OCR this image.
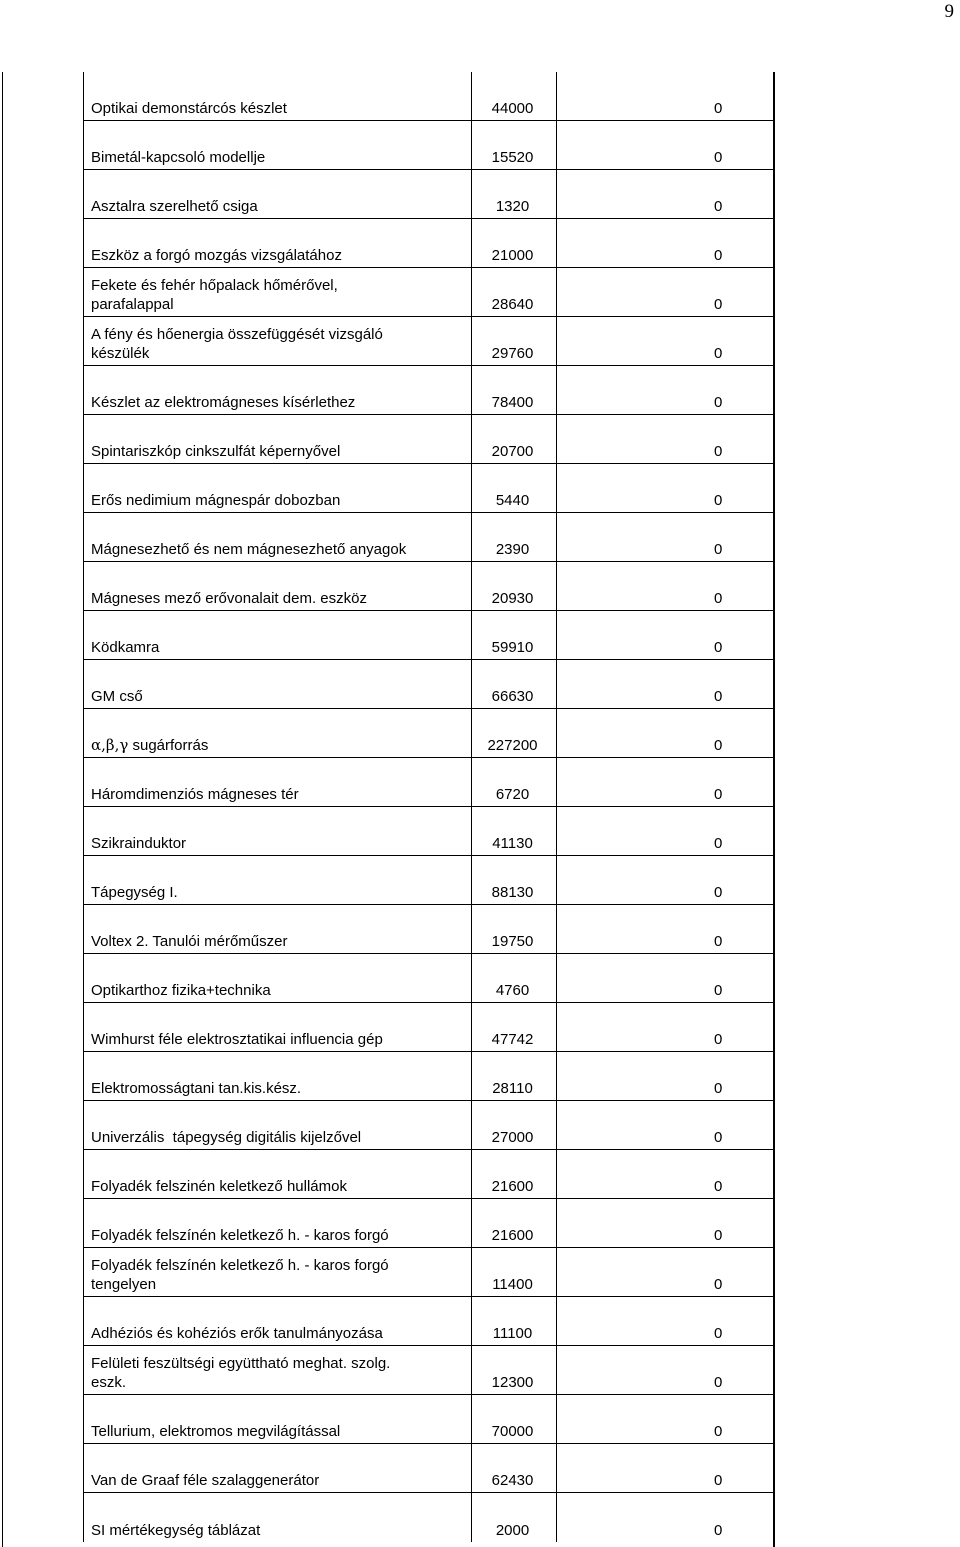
9
Optikai demonstárcós készlet	44000	0
Bimetál-kapcsoló modellje	15520	0
Asztalra szerelhető csiga	1320	0
Eszköz a forgó mozgás vizsgálatához	21000	0
Fekete és fehér hőpalack hőmérővel,
parafalappal	28640	0
A fény és hőenergia összefüggését vizsgáló
készülék	29760	0
Készlet az elektromágneses kísérlethez	78400	0
Spintariszkóp cinkszulfát képernyővel	20700	0
Erős nedimium mágnespár dobozban	5440	0
Mágnesezhető és nem mágnesezhető anyagok	2390	0
Mágneses mező erővonalait dem. eszköz	20930	0
Ködkamra	59910	0
GM cső	66630	0
α,β,γ sugárforrás	227200	0
Háromdimenziós mágneses tér	6720	0
Szikrainduktor	41130	0
Tápegység I.	88130	0
Voltex 2. Tanulói mérőműszer	19750	0
Optikarthoz fizika+technika	4760	0
Wimhurst féle elektrosztatikai influencia gép	47742	0
Elektromosságtani tan.kis.kész.	28110	0
Univerzális  tápegység digitális kijelzővel	27000	0
Folyadék felszinén keletkező hullámok	21600	0
Folyadék felszínén keletkező h. - karos forgó	21600	0
Folyadék felszínén keletkező h. - karos forgó
tengelyen	11400	0
Adhéziós és kohéziós erők tanulmányozása	11100	0
Felületi feszültségi együttható meghat. szolg.
eszk.	12300	0
Tellurium, elektromos megvilágítással	70000	0
Van de Graaf féle szalaggenerátor	62430	0
SI mértékegység táblázat	2000	0
